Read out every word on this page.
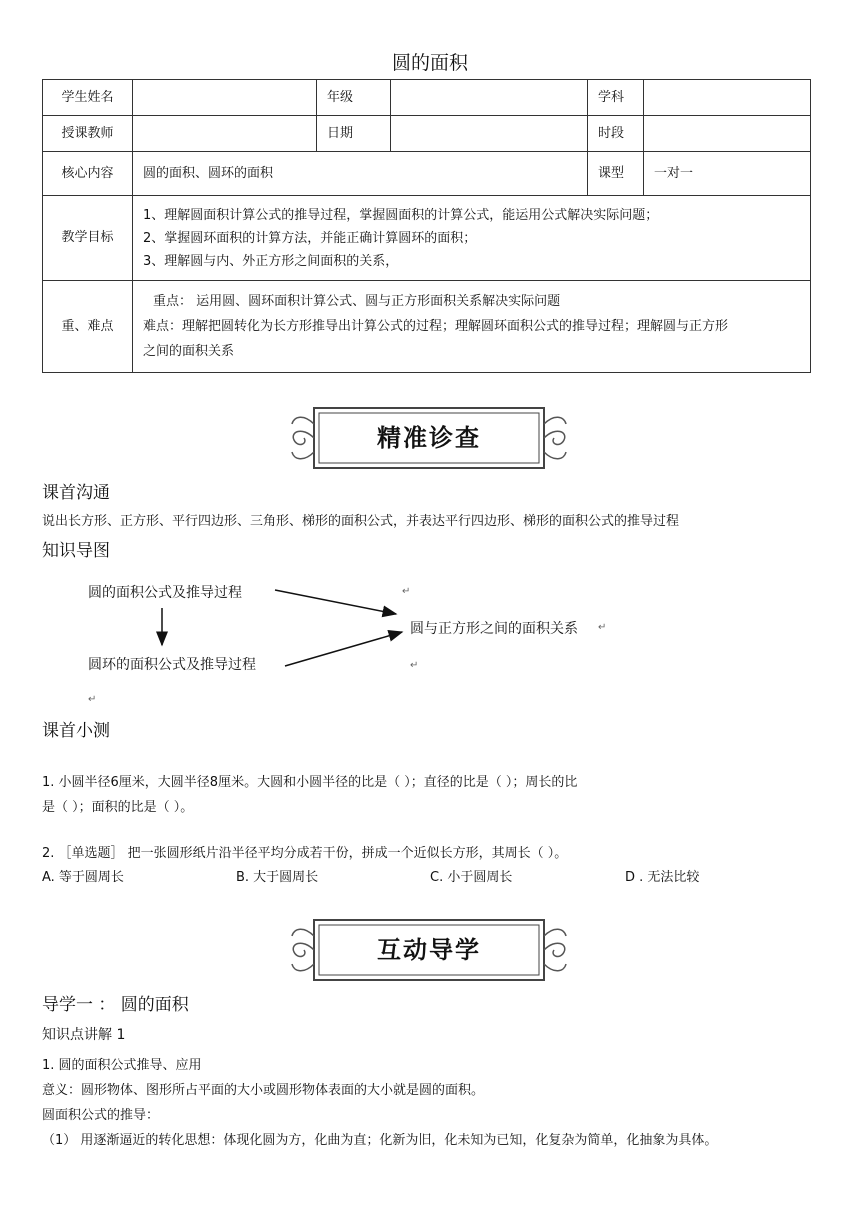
圆的面积
学生姓名		年级		学科	
授课教师		日期		时段	
核心内容	圆的面积、圆环的面积			课型	一对一
教学目标	1、理解圆面积计算公式的推导过程，掌握圆面积的计算公式，能运用公式解决实际问题；
2、掌握圆环面积的计算方法，并能正确计算圆环的面积；
3、理解圆与内、外正方形之间面积的关系，				

重、难点	重点： 运用圆、圆环面积计算公式、圆与正方形面积关系解决实际问题
难点：理解把圆转化为长方形推导出计算公式的过程；理解圆环面积公式的推导过程；理解圆与正方形
之间的面积关系				
精准诊查
课首沟通
说出长方形、正方形、平行四边形、三角形、梯形的面积公式，并表达平行四边形、梯形的面积公式的推导过程
知识导图
圆的面积公式及推导过程
圆环的面积公式及推导过程
圆与正方形之间的面积关系
↵
↵
↵
↵
课首小测
1. 小圆半径6厘米，大圆半径8厘米。大圆和小圆半径的比是（ ）；直径的比是（ ）；周长的比
是（ ）；面积的比是（ ）。
2. ［单选题］ 把一张圆形纸片沿半径平均分成若干份，拼成一个近似长方形，其周长（ ）。
A. 等于圆周长	B. 大于圆周长	C. 小于圆周长	D . 无法比较
互动导学
导学一 ： 圆的面积
知识点讲解 1
1. 圆的面积公式推导、应用
意义：圆形物体、图形所占平面的大小或圆形物体表面的大小就是圆的面积。
圆面积公式的推导：
（1） 用逐渐逼近的转化思想：体现化圆为方，化曲为直；化新为旧，化未知为已知，化复杂为简单，化抽象为具体。
